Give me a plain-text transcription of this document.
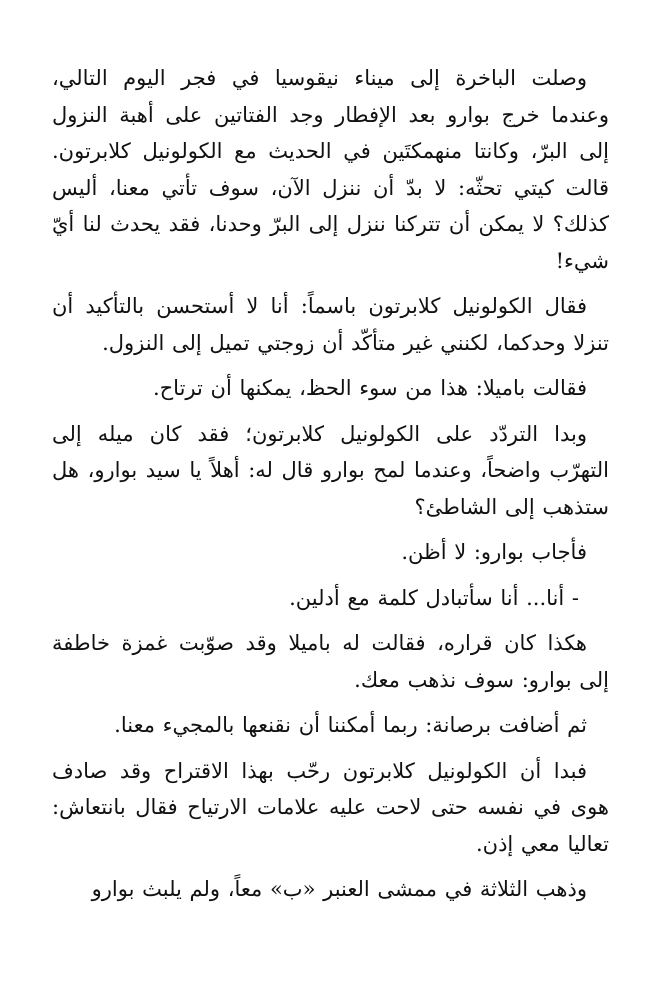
وصلت الباخرة إلى ميناء نيقوسيا في فجر اليوم التالي، وعندما خرج بوارو بعد الإفطار وجد الفتاتين على أهبة النزول إلى البرّ، وكانتا منهمكتَين في الحديث مع الكولونيل كلابرتون. قالت كيتي تحثّه: لا بدّ أن ننزل الآن، سوف تأتي معنا، أليس كذلك؟ لا يمكن أن تتركنا ننزل إلى البرّ وحدنا، فقد يحدث لنا أيّ شيء!

فقال الكولونيل كلابرتون باسماً: أنا لا أستحسن بالتأكيد أن تنزلا وحدكما، لكنني غير متأكّد أن زوجتي تميل إلى النزول.

فقالت باميلا: هذا من سوء الحظ، يمكنها أن ترتاح.

وبدا التردّد على الكولونيل كلابرتون؛ فقد كان ميله إلى التهرّب واضحاً، وعندما لمح بوارو قال له: أهلاً يا سيد بوارو، هل ستذهب إلى الشاطئ؟

فأجاب بوارو: لا أظن.

- أنا... أنا سأتبادل كلمة مع أدلين.

هكذا كان قراره، فقالت له باميلا وقد صوّبت غمزة خاطفة إلى بوارو: سوف نذهب معك.

ثم أضافت برصانة: ربما أمكننا أن نقنعها بالمجيء معنا.

فبدا أن الكولونيل كلابرتون رحّب بهذا الاقتراح وقد صادف هوى في نفسه حتى لاحت عليه علامات الارتياح فقال بانتعاش: تعاليا معي إذن.

وذهب الثلاثة في ممشى العنبر «ب» معاً، ولم يلبث بوارو
